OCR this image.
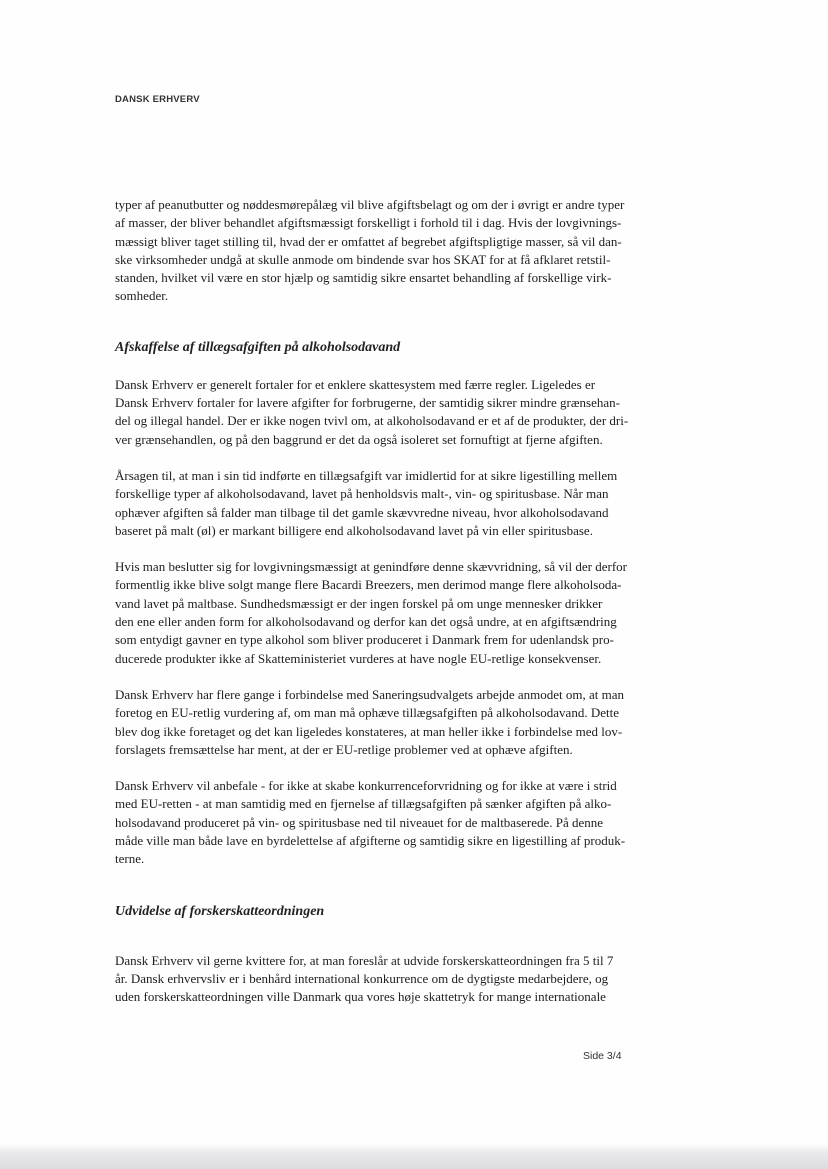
DANSK ERHVERV

typer af peanutbutter og nøddesmørepålæg vil blive afgiftsbelagt og om der i øvrigt er andre typer
af masser, der bliver behandlet afgiftsmæssigt forskelligt i forhold til i dag. Hvis der lovgivnings-
mæssigt bliver taget stilling til, hvad der er omfattet af begrebet afgiftspligtige masser, så vil dan-
ske virksomheder undgå at skulle anmode om bindende svar hos SKAT for at få afklaret retstil-
standen, hvilket vil være en stor hjælp og samtidig sikre ensartet behandling af forskellige virk-
somheder.

Afskaffelse af tillægsafgiften på alkoholsodavand

Dansk Erhverv er generelt fortaler for et enklere skattesystem med færre regler. Ligeledes er
Dansk Erhverv fortaler for lavere afgifter for forbrugerne, der samtidig sikrer mindre grænsehan-
del og illegal handel. Der er ikke nogen tvivl om, at alkoholsodavand er et af de produkter, der dri-
ver grænsehandlen, og på den baggrund er det da også isoleret set fornuftigt at fjerne afgiften.

Årsagen til, at man i sin tid indførte en tillægsafgift var imidlertid for at sikre ligestilling mellem
forskellige typer af alkoholsodavand, lavet på henholdsvis malt-, vin- og spiritusbase. Når man
ophæver afgiften så falder man tilbage til det gamle skævvredne niveau, hvor alkoholsodavand
baseret på malt (øl) er markant billigere end alkoholsodavand lavet på vin eller spiritusbase.

Hvis man beslutter sig for lovgivningsmæssigt at genindføre denne skævvridning, så vil der derfor
formentlig ikke blive solgt mange flere Bacardi Breezers, men derimod mange flere alkoholsoda-
vand lavet på maltbase. Sundhedsmæssigt er der ingen forskel på om unge mennesker drikker
den ene eller anden form for alkoholsodavand og derfor kan det også undre, at en afgiftsændring
som entydigt gavner en type alkohol som bliver produceret i Danmark frem for udenlandsk pro-
ducerede produkter ikke af Skatteministeriet vurderes at have nogle EU-retlige konsekvenser.

Dansk Erhverv har flere gange i forbindelse med Saneringsudvalgets arbejde anmodet om, at man
foretog en EU-retlig vurdering af, om man må ophæve tillægsafgiften på alkoholsodavand. Dette
blev dog ikke foretaget og det kan ligeledes konstateres, at man heller ikke i forbindelse med lov-
forslagets fremsættelse har ment, at der er EU-retlige problemer ved at ophæve afgiften.

Dansk Erhverv vil anbefale - for ikke at skabe konkurrenceforvridning og for ikke at være i strid
med EU-retten - at man samtidig med en fjernelse af tillægsafgiften på sænker afgiften på alko-
holsodavand produceret på vin- og spiritusbase ned til niveauet for de maltbaserede. På denne
måde ville man både lave en byrdelettelse af afgifterne og samtidig sikre en ligestilling af produk-
terne.

Udvidelse af forskerskatteordningen

Dansk Erhverv vil gerne kvittere for, at man foreslår at udvide forskerskatteordningen fra 5 til 7
år. Dansk erhvervsliv er i benhård international konkurrence om de dygtigste medarbejdere, og
uden forskerskatteordningen ville Danmark qua vores høje skattetryk for mange internationale

Side 3/4
